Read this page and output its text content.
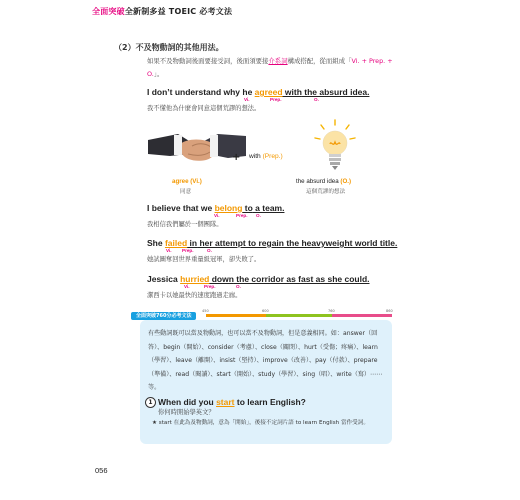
全面突破全新制多益 TOEIC 必考文法
（2）不及物動詞的其他用法。
如果不及物動詞後面要接受詞，後面須要接介系詞構成搭配，從而組成「Vi. + Prep. + O.」。
I don’t understand why he agreed with the absurd idea.
Vi.	Prep.	O.
我不懂他為什麼會同意這個荒謬的想法。
+ with (Prep.)
agree (Vi.)
同意
the absurd idea (O.)
這個荒謬的想法
I believe that we belong to a team.
Vi.	Prep. O.
我相信我們屬於一個團隊。
She failed in her attempt to regain the heavyweight world title.
Vi. Prep.	O.
她試圖奪回世界重量級冠軍，卻失敗了。
Jessica hurried down the corridor as fast as she could.
Vi.	Prep.	O.
潔西卡以她最快的速度跑過走廊。
全面突破760分必考文法
450	600	760	860
有些動詞既可以當及物動詞，也可以當不及物動詞，但是意義相同。如：answer（回答）、begin（開始）、consider（考慮）、close（關閉）、hurt（受傷；疼痛）、learn（學習）、leave（離開）、insist（堅持）、improve（改善）、pay（付款）、prepare（準備）、read（閱讀）、start（開始）、study（學習）、sing（唱）、write（寫）⋯⋯等。
1 When did you start to learn English?
你何時開始學英文？
★ start 在此為及物動詞，意為「開始」，後接不定詞片語 to learn English 當作受詞。
056
